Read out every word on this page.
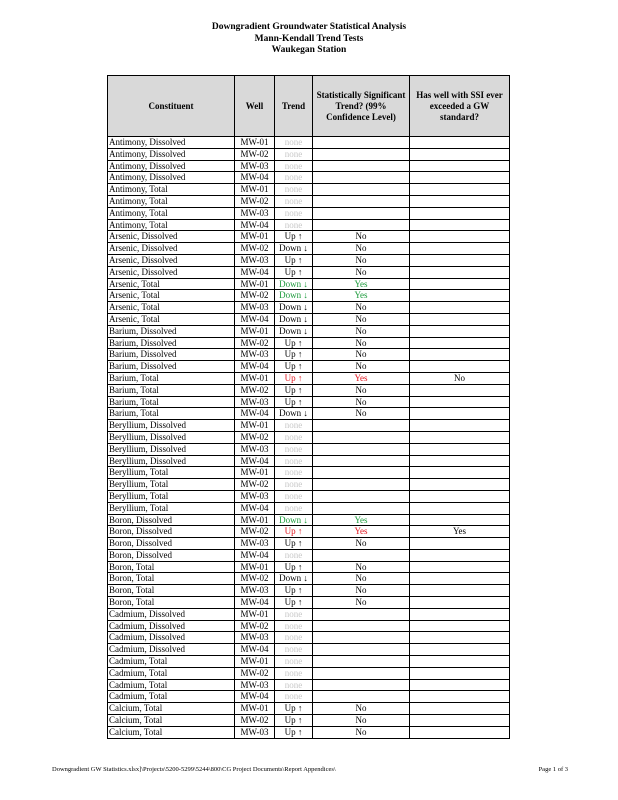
Downgradient Groundwater Statistical Analysis
Mann-Kendall Trend Tests
Waukegan Station
Constituent	Well	Trend	Statistically Significant Trend? (99% Confidence Level)	Has well with SSI ever exceeded a GW standard?
Antimony, Dissolved	MW-01	none		
Antimony, Dissolved	MW-02	none		
Antimony, Dissolved	MW-03	none		
Antimony, Dissolved	MW-04	none		
Antimony, Total	MW-01	none		
Antimony, Total	MW-02	none		
Antimony, Total	MW-03	none		
Antimony, Total	MW-04	none		
Arsenic, Dissolved	MW-01	Up ↑	No	
Arsenic, Dissolved	MW-02	Down ↓	No	
Arsenic, Dissolved	MW-03	Up ↑	No	
Arsenic, Dissolved	MW-04	Up ↑	No	
Arsenic, Total	MW-01	Down ↓	Yes	
Arsenic, Total	MW-02	Down ↓	Yes	
Arsenic, Total	MW-03	Down ↓	No	
Arsenic, Total	MW-04	Down ↓	No	
Barium, Dissolved	MW-01	Down ↓	No	
Barium, Dissolved	MW-02	Up ↑	No	
Barium, Dissolved	MW-03	Up ↑	No	
Barium, Dissolved	MW-04	Up ↑	No	
Barium, Total	MW-01	Up ↑	Yes	No
Barium, Total	MW-02	Up ↑	No	
Barium, Total	MW-03	Up ↑	No	
Barium, Total	MW-04	Down ↓	No	
Beryllium, Dissolved	MW-01	none		
Beryllium, Dissolved	MW-02	none		
Beryllium, Dissolved	MW-03	none		
Beryllium, Dissolved	MW-04	none		
Beryllium, Total	MW-01	none		
Beryllium, Total	MW-02	none		
Beryllium, Total	MW-03	none		
Beryllium, Total	MW-04	none		
Boron, Dissolved	MW-01	Down ↓	Yes	
Boron, Dissolved	MW-02	Up ↑	Yes	Yes
Boron, Dissolved	MW-03	Up ↑	No	
Boron, Dissolved	MW-04	none		
Boron, Total	MW-01	Up ↑	No	
Boron, Total	MW-02	Down ↓	No	
Boron, Total	MW-03	Up ↑	No	
Boron, Total	MW-04	Up ↑	No	
Cadmium, Dissolved	MW-01	none		
Cadmium, Dissolved	MW-02	none		
Cadmium, Dissolved	MW-03	none		
Cadmium, Dissolved	MW-04	none		
Cadmium, Total	MW-01	none		
Cadmium, Total	MW-02	none		
Cadmium, Total	MW-03	none		
Cadmium, Total	MW-04	none		
Calcium, Total	MW-01	Up ↑	No	
Calcium, Total	MW-02	Up ↑	No	
Calcium, Total	MW-03	Up ↑	No	
Downgradient GW Statistics.xlsx]\Projects\5200-5299\5244\800\CG Project Documents\Report Appendices\	Page 1 of 3
